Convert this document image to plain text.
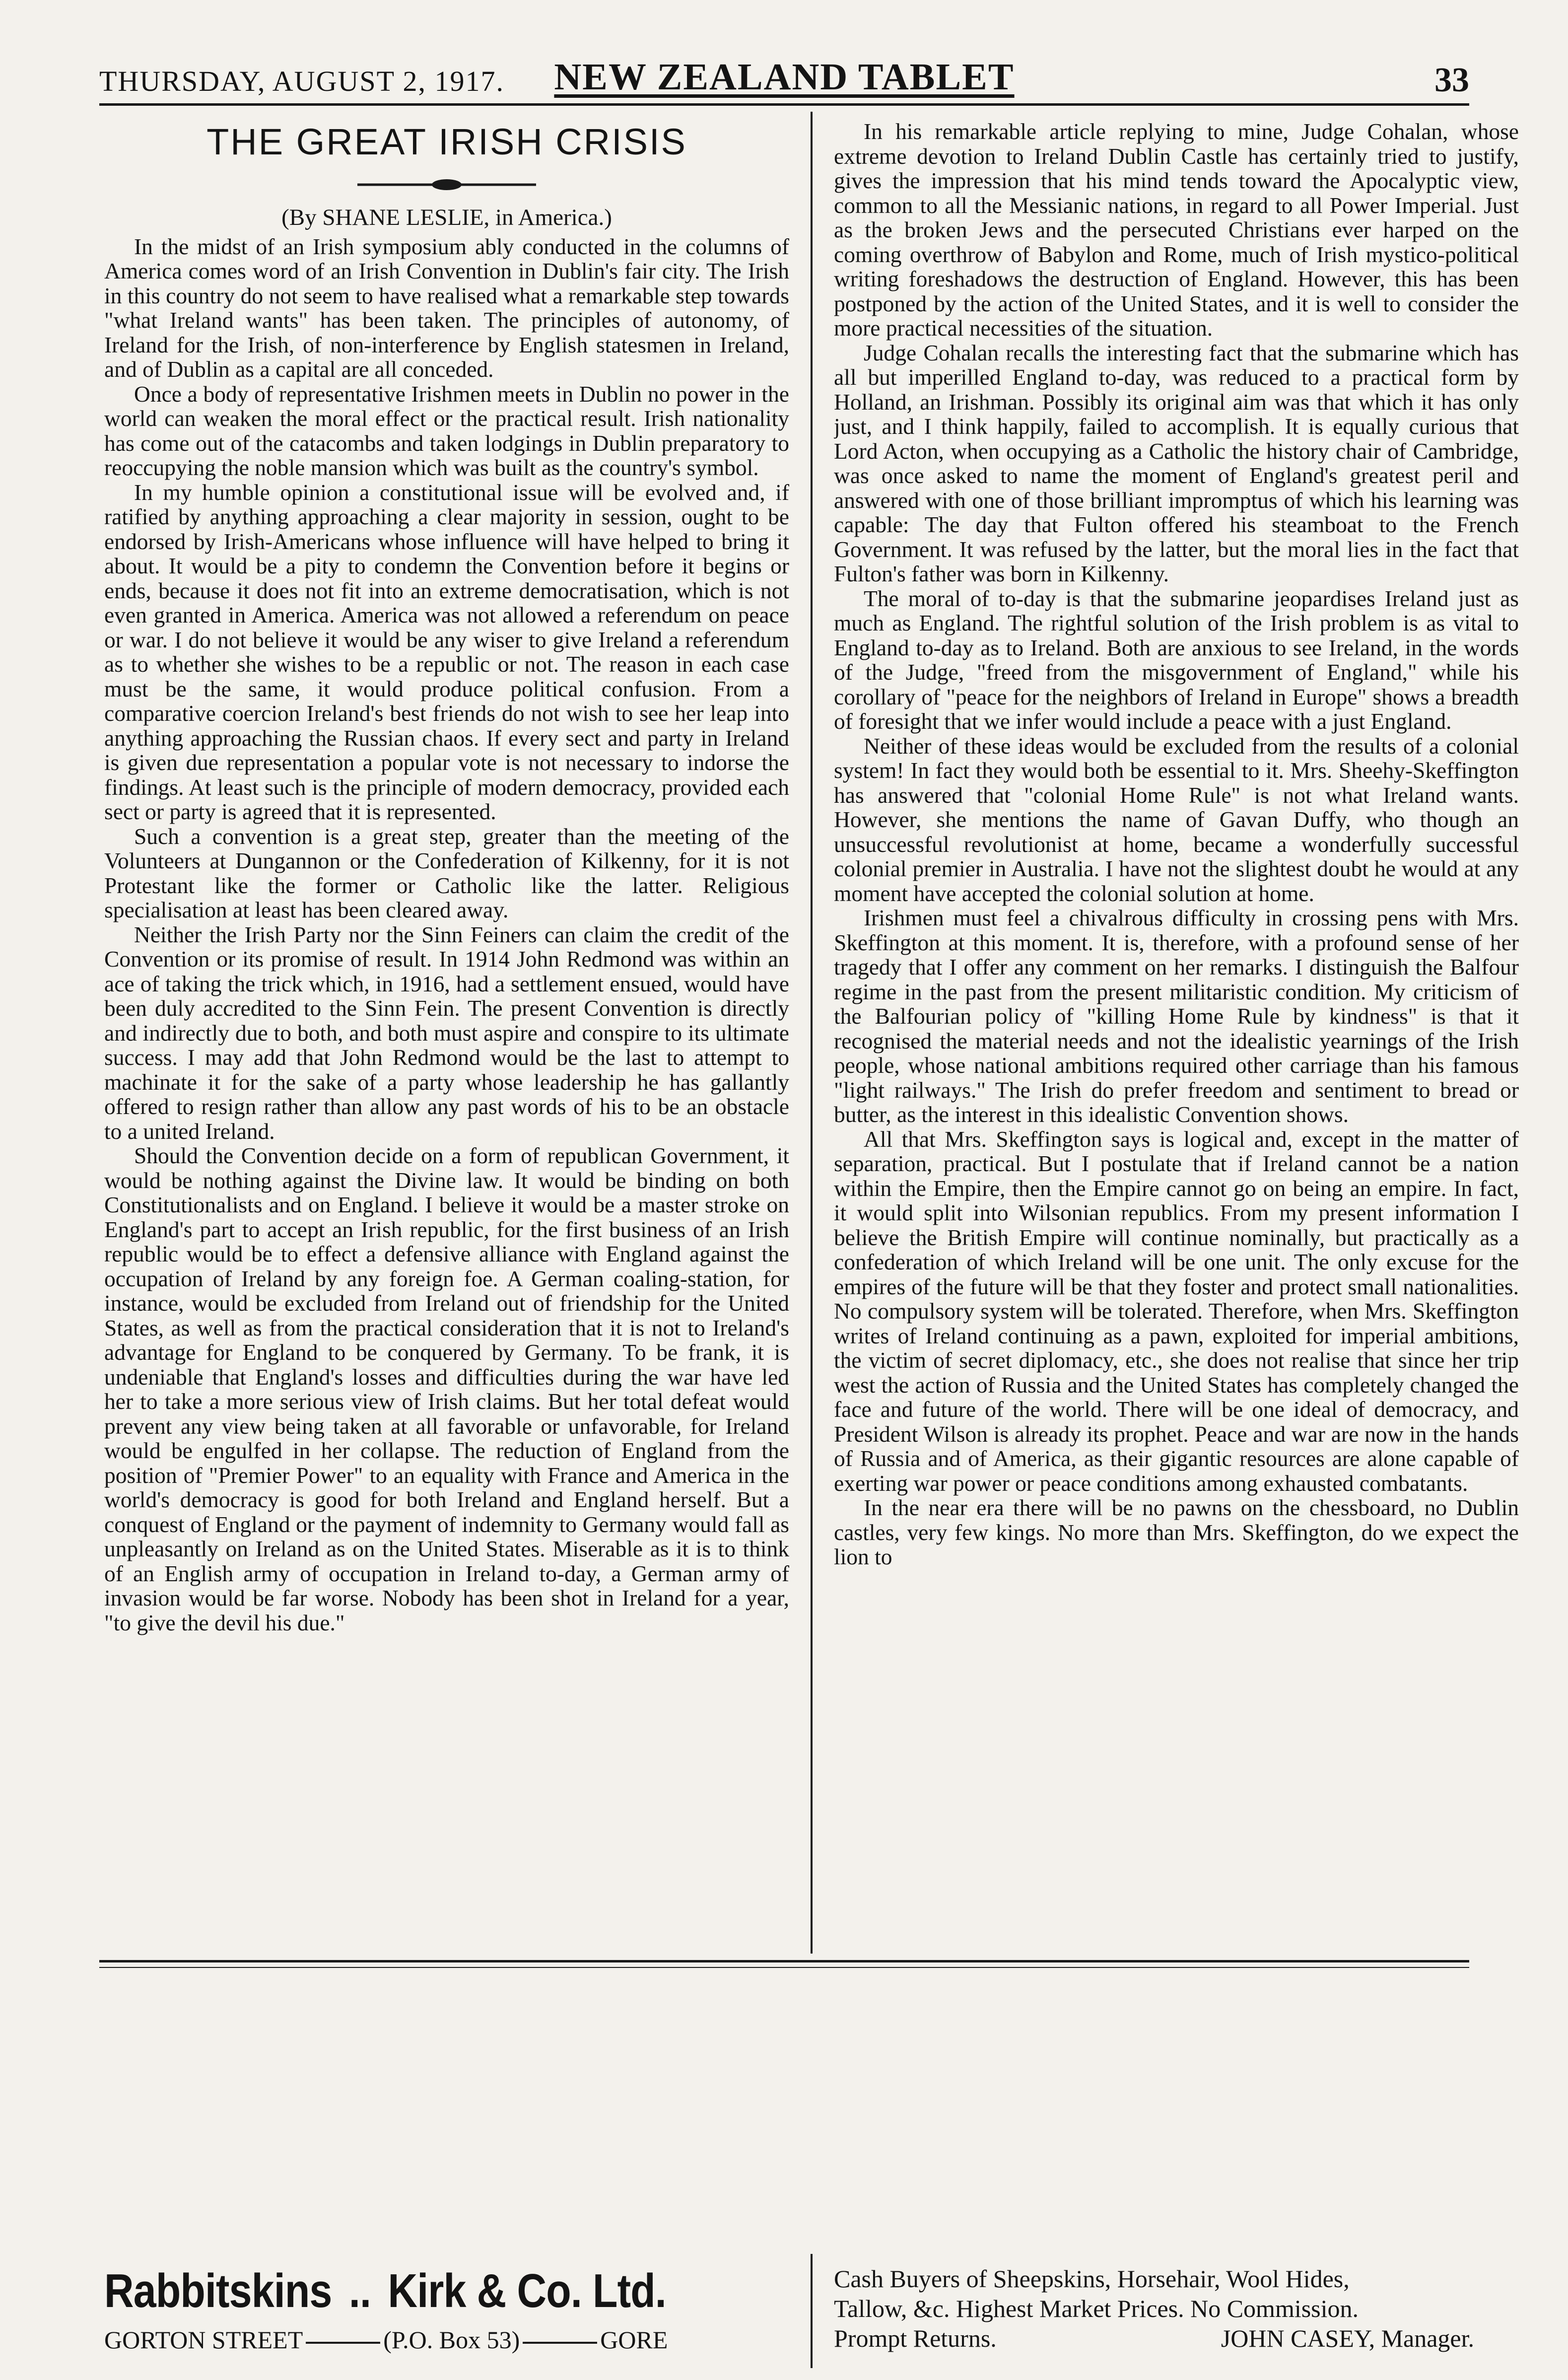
THURSDAY, AUGUST 2, 1917.	NEW ZEALAND TABLET	33
THE GREAT IRISH CRISIS
(By SHANE LESLIE, in America.)

In the midst of an Irish symposium ably conducted in the columns of America comes word of an Irish Convention in Dublin's fair city. The Irish in this country do not seem to have realised what a remarkable step towards "what Ireland wants" has been taken. The principles of autonomy, of Ireland for the Irish, of non-interference by English statesmen in Ireland, and of Dublin as a capital are all conceded.

Once a body of representative Irishmen meets in Dublin no power in the world can weaken the moral effect or the practical result. Irish nationality has come out of the catacombs and taken lodgings in Dublin preparatory to reoccupying the noble mansion which was built as the country's symbol.

In my humble opinion a constitutional issue will be evolved and, if ratified by anything approaching a clear majority in session, ought to be endorsed by Irish-Americans whose influence will have helped to bring it about. It would be a pity to condemn the Convention before it begins or ends, because it does not fit into an extreme democratisation, which is not even granted in America. America was not allowed a referendum on peace or war. I do not believe it would be any wiser to give Ireland a referendum as to whether she wishes to be a republic or not. The reason in each case must be the same, it would produce political confusion. From a comparative coercion Ireland's best friends do not wish to see her leap into anything approaching the Russian chaos. If every sect and party in Ireland is given due representation a popular vote is not necessary to indorse the findings. At least such is the principle of modern democracy, provided each sect or party is agreed that it is represented.

Such a convention is a great step, greater than the meeting of the Volunteers at Dungannon or the Confederation of Kilkenny, for it is not Protestant like the former or Catholic like the latter. Religious specialisation at least has been cleared away.

Neither the Irish Party nor the Sinn Feiners can claim the credit of the Convention or its promise of result. In 1914 John Redmond was within an ace of taking the trick which, in 1916, had a settlement ensued, would have been duly accredited to the Sinn Fein. The present Convention is directly and indirectly due to both, and both must aspire and conspire to its ultimate success. I may add that John Redmond would be the last to attempt to machinate it for the sake of a party whose leadership he has gallantly offered to resign rather than allow any past words of his to be an obstacle to a united Ireland.

Should the Convention decide on a form of republican Government, it would be nothing against the Divine law. It would be binding on both Constitutionalists and on England. I believe it would be a master stroke on England's part to accept an Irish republic, for the first business of an Irish republic would be to effect a defensive alliance with England against the occupation of Ireland by any foreign foe. A German coaling-station, for instance, would be excluded from Ireland out of friendship for the United States, as well as from the practical consideration that it is not to Ireland's advantage for England to be conquered by Germany. To be frank, it is undeniable that England's losses and difficulties during the war have led her to take a more serious view of Irish claims. But her total defeat would prevent any view being taken at all favorable or unfavorable, for Ireland would be engulfed in her collapse. The reduction of England from the position of "Premier Power" to an equality with France and America in the world's democracy is good for both Ireland and England herself. But a conquest of England or the payment of indemnity to Germany would fall as unpleasantly on Ireland as on the United States. Miserable as it is to think of an English army of occupation in Ireland to-day, a German army of invasion would be far worse. Nobody has been shot in Ireland for a year, "to give the devil his due."

In his remarkable article replying to mine, Judge Cohalan, whose extreme devotion to Ireland Dublin Castle has certainly tried to justify, gives the impression that his mind tends toward the Apocalyptic view, common to all the Messianic nations, in regard to all Power Imperial. Just as the broken Jews and the persecuted Christians ever harped on the coming overthrow of Babylon and Rome, much of Irish mystico-political writing foreshadows the destruction of England. However, this has been postponed by the action of the United States, and it is well to consider the more practical necessities of the situation.

Judge Cohalan recalls the interesting fact that the submarine which has all but imperilled England to-day, was reduced to a practical form by Holland, an Irishman. Possibly its original aim was that which it has only just, and I think happily, failed to accomplish. It is equally curious that Lord Acton, when occupying as a Catholic the history chair of Cambridge, was once asked to name the moment of England's greatest peril and answered with one of those brilliant impromptus of which his learning was capable: The day that Fulton offered his steamboat to the French Government. It was refused by the latter, but the moral lies in the fact that Fulton's father was born in Kilkenny.

The moral of to-day is that the submarine jeopardises Ireland just as much as England. The rightful solution of the Irish problem is as vital to England to-day as to Ireland. Both are anxious to see Ireland, in the words of the Judge, "freed from the misgovernment of England," while his corollary of "peace for the neighbors of Ireland in Europe" shows a breadth of foresight that we infer would include a peace with a just England.

Neither of these ideas would be excluded from the results of a colonial system! In fact they would both be essential to it. Mrs. Sheehy-Skeffington has answered that "colonial Home Rule" is not what Ireland wants. However, she mentions the name of Gavan Duffy, who though an unsuccessful revolutionist at home, became a wonderfully successful colonial premier in Australia. I have not the slightest doubt he would at any moment have accepted the colonial solution at home.

Irishmen must feel a chivalrous difficulty in crossing pens with Mrs. Skeffington at this moment. It is, therefore, with a profound sense of her tragedy that I offer any comment on her remarks. I distinguish the Balfour regime in the past from the present militaristic condition. My criticism of the Balfourian policy of "killing Home Rule by kindness" is that it recognised the material needs and not the idealistic yearnings of the Irish people, whose national ambitions required other carriage than his famous "light railways." The Irish do prefer freedom and sentiment to bread or butter, as the interest in this idealistic Convention shows.

All that Mrs. Skeffington says is logical and, except in the matter of separation, practical. But I postulate that if Ireland cannot be a nation within the Empire, then the Empire cannot go on being an empire. In fact, it would split into Wilsonian republics. From my present information I believe the British Empire will continue nominally, but practically as a confederation of which Ireland will be one unit. The only excuse for the empires of the future will be that they foster and protect small nationalities. No compulsory system will be tolerated. Therefore, when Mrs. Skeffington writes of Ireland continuing as a pawn, exploited for imperial ambitions, the victim of secret diplomacy, etc., she does not realise that since her trip west the action of Russia and the United States has completely changed the face and future of the world. There will be one ideal of democracy, and President Wilson is already its prophet. Peace and war are now in the hands of Russia and of America, as their gigantic resources are alone capable of exerting war power or peace conditions among exhausted combatants.

In the near era there will be no pawns on the chessboard, no Dublin castles, very few kings. No more than Mrs. Skeffington, do we expect the lion to

Rabbitskins .. Kirk & Co. Ltd.
GORTON STREET	(P.O. Box 53)	GORE
Cash Buyers of Sheepskins, Horsehair, Wool Hides,
Tallow, &c. Highest Market Prices. No Commission.
Prompt Returns.	JOHN CASEY, Manager.
